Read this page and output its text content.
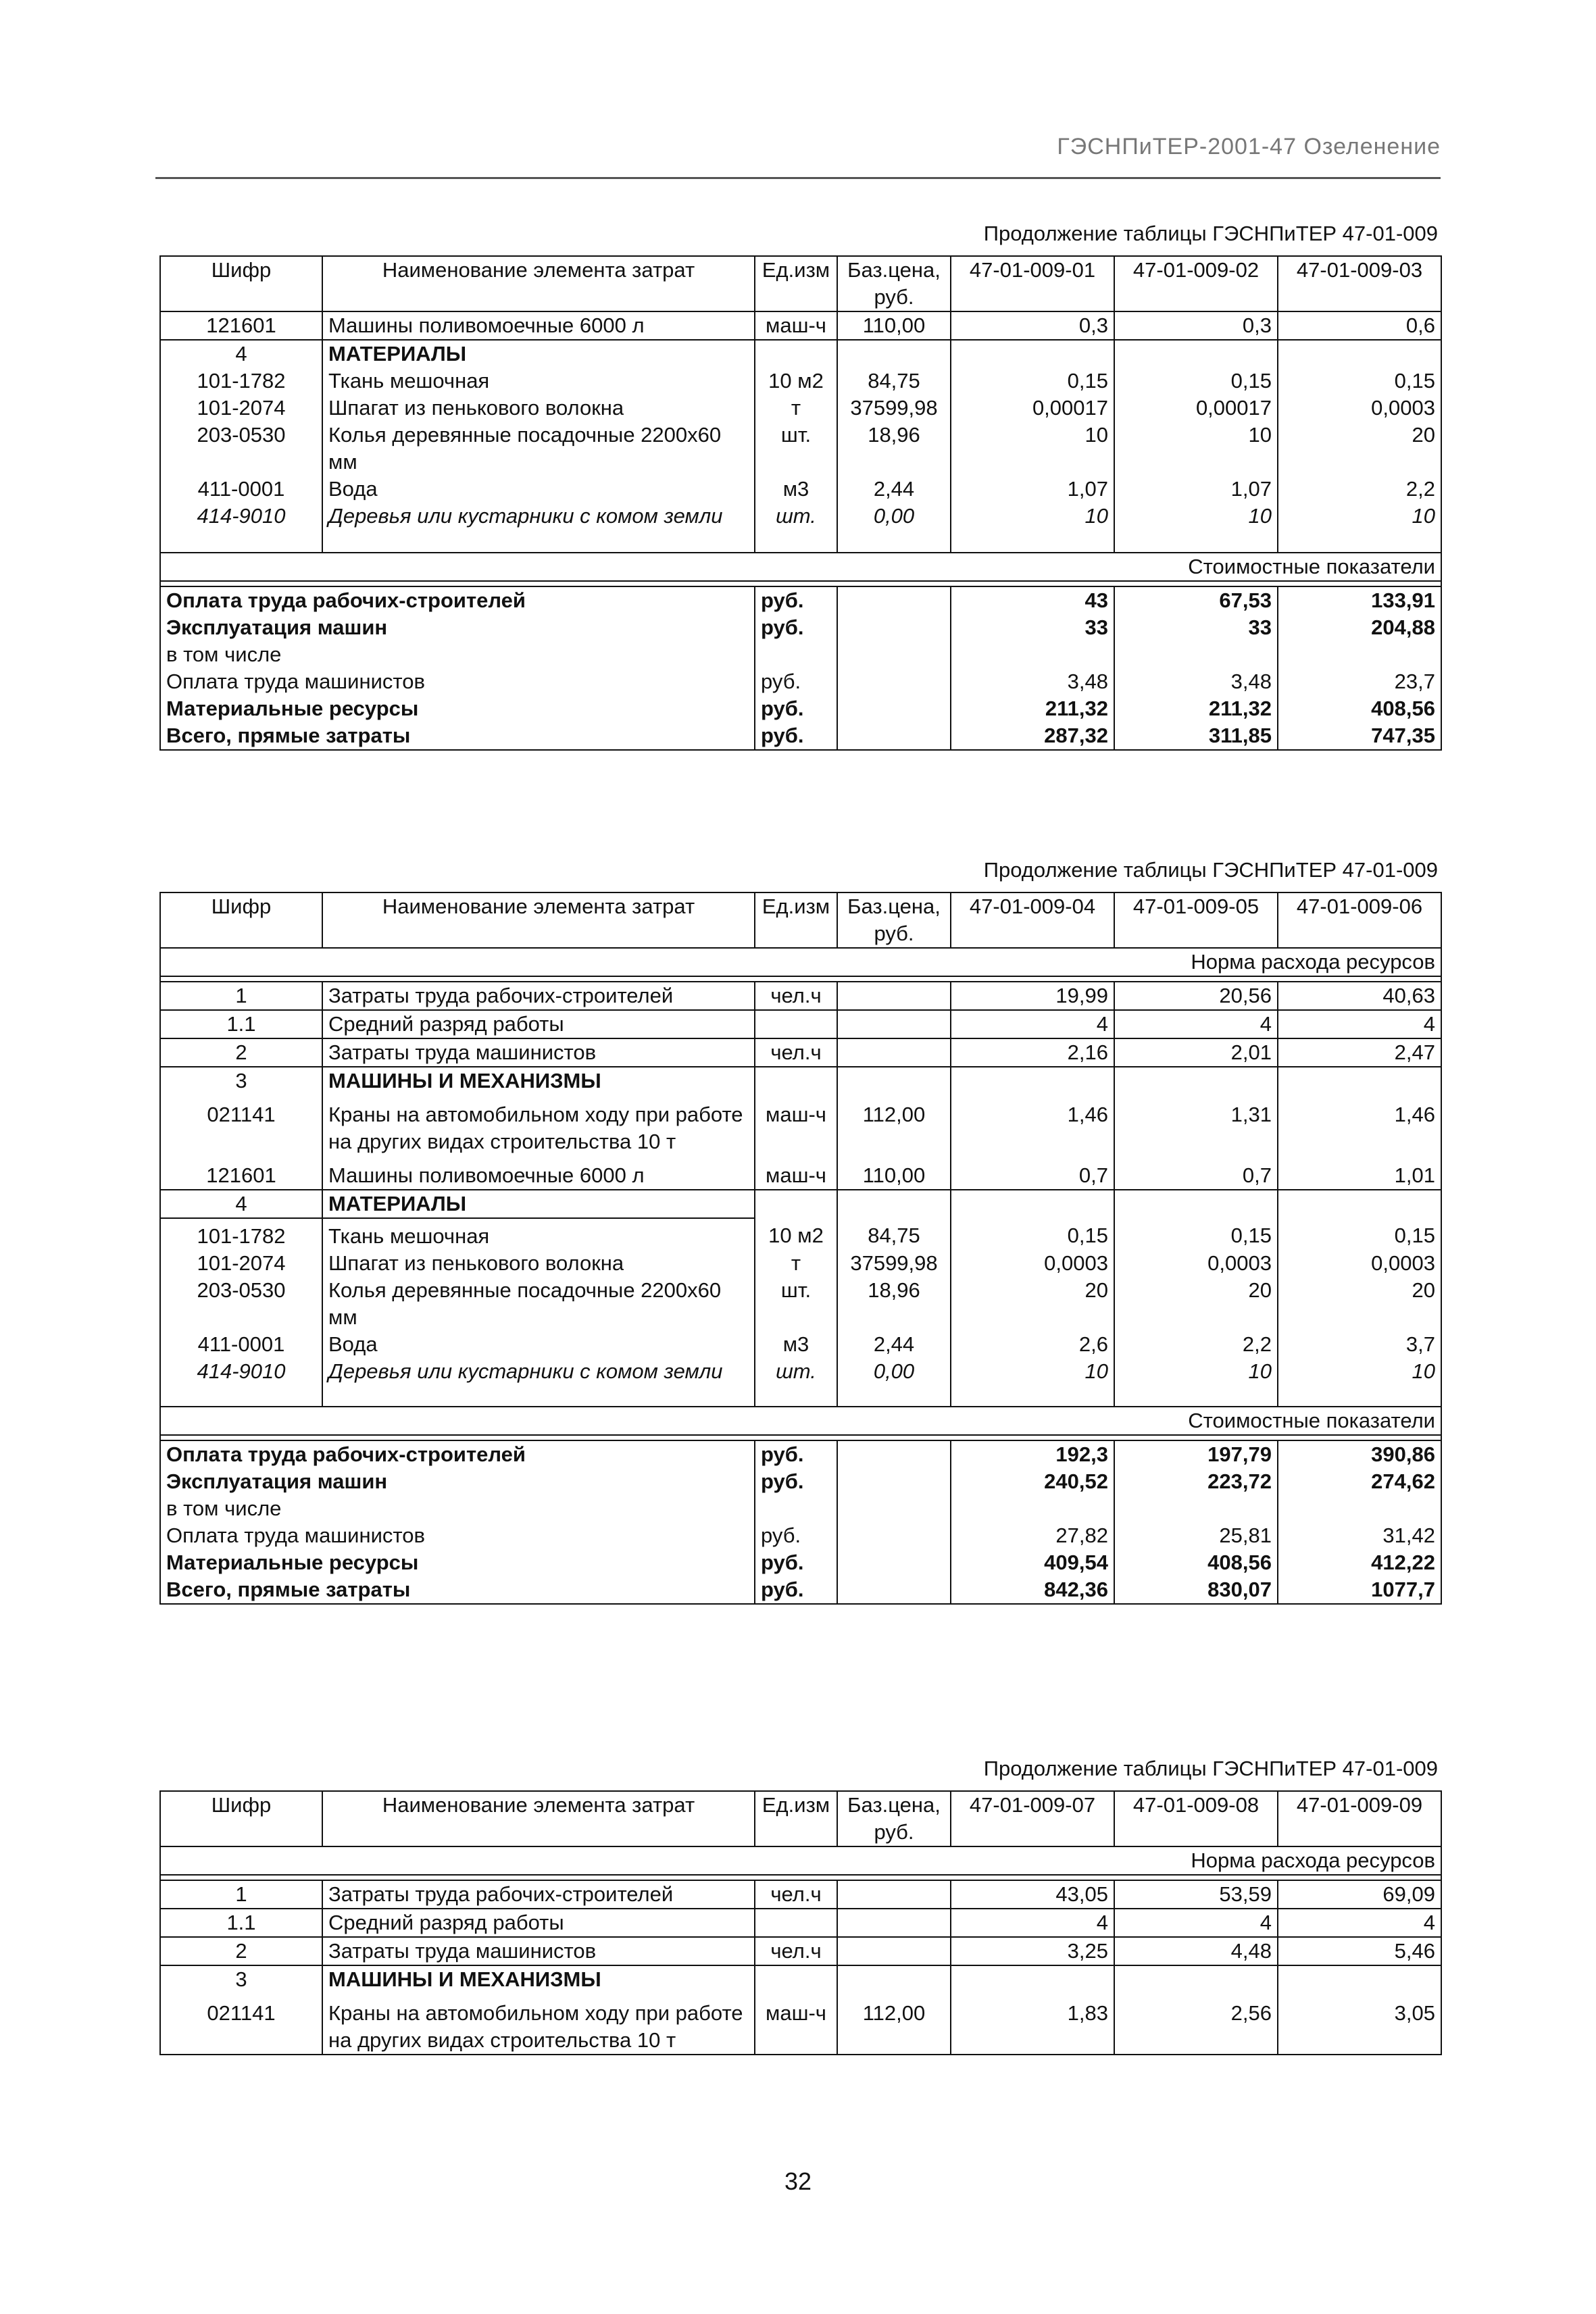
ГЭСНПиТЕР-2001-47 Озеленение
Продолжение таблицы ГЭСНПиТЕР 47-01-009
Шифр	Наименование элемента затрат	Ед.изм	Баз.цена, руб.	47-01-009-01	47-01-009-02	47-01-009-03
121601	Машины поливомоечные 6000 л	маш-ч	110,00	0,3	0,3	0,6
4	МАТЕРИАЛЫ					
101-1782	Ткань мешочная	10 м2	84,75	0,15	0,15	0,15
101-2074	Шпагат из пенькового волокна	т	37599,98	0,00017	0,00017	0,0003
203-0530	Колья деревянные посадочные 2200х60 мм	шт.	18,96	10	10	20
411-0001	Вода	м3	2,44	1,07	1,07	2,2
414-9010	Деревья или кустарники с комом земли	шт.	0,00	10	10	10

Стоимостные показатели						

Оплата труда рабочих-строителей		руб.		43	67,53	133,91
Эксплуатация машин		руб.		33	33	204,88
в том числе						
Оплата труда машинистов		руб.		3,48	3,48	23,7
Материальные ресурсы		руб.		211,32	211,32	408,56
Всего, прямые затраты		руб.		287,32	311,85	747,35
Продолжение таблицы ГЭСНПиТЕР 47-01-009
Шифр	Наименование элемента затрат	Ед.изм	Баз.цена, руб.	47-01-009-04	47-01-009-05	47-01-009-06
Норма расхода ресурсов						

1	Затраты труда рабочих-строителей	чел.ч		19,99	20,56	40,63
1.1	Средний разряд работы			4	4	4
2	Затраты труда машинистов	чел.ч		2,16	2,01	2,47
3	МАШИНЫ И МЕХАНИЗМЫ					
021141	Краны на автомобильном ходу при работе на других видах строительства 10 т	маш-ч	112,00	1,46	1,31	1,46
121601	Машины поливомоечные 6000 л	маш-ч	110,00	0,7	0,7	1,01
4	МАТЕРИАЛЫ					
101-1782	Ткань мешочная	10 м2	84,75	0,15	0,15	0,15
101-2074	Шпагат из пенькового волокна	т	37599,98	0,0003	0,0003	0,0003
203-0530	Колья деревянные посадочные 2200х60 мм	шт.	18,96	20	20	20
411-0001	Вода	м3	2,44	2,6	2,2	3,7
414-9010	Деревья или кустарники с комом земли	шт.	0,00	10	10	10

Стоимостные показатели						

Оплата труда рабочих-строителей		руб.		192,3	197,79	390,86
Эксплуатация машин		руб.		240,52	223,72	274,62
в том числе						
Оплата труда машинистов		руб.		27,82	25,81	31,42
Материальные ресурсы		руб.		409,54	408,56	412,22
Всего, прямые затраты		руб.		842,36	830,07	1077,7
Продолжение таблицы ГЭСНПиТЕР 47-01-009
Шифр	Наименование элемента затрат	Ед.изм	Баз.цена, руб.	47-01-009-07	47-01-009-08	47-01-009-09
Норма расхода ресурсов						

1	Затраты труда рабочих-строителей	чел.ч		43,05	53,59	69,09
1.1	Средний разряд работы			4	4	4
2	Затраты труда машинистов	чел.ч		3,25	4,48	5,46
3	МАШИНЫ И МЕХАНИЗМЫ					
021141	Краны на автомобильном ходу при работе на других видах строительства 10 т	маш-ч	112,00	1,83	2,56	3,05
32
